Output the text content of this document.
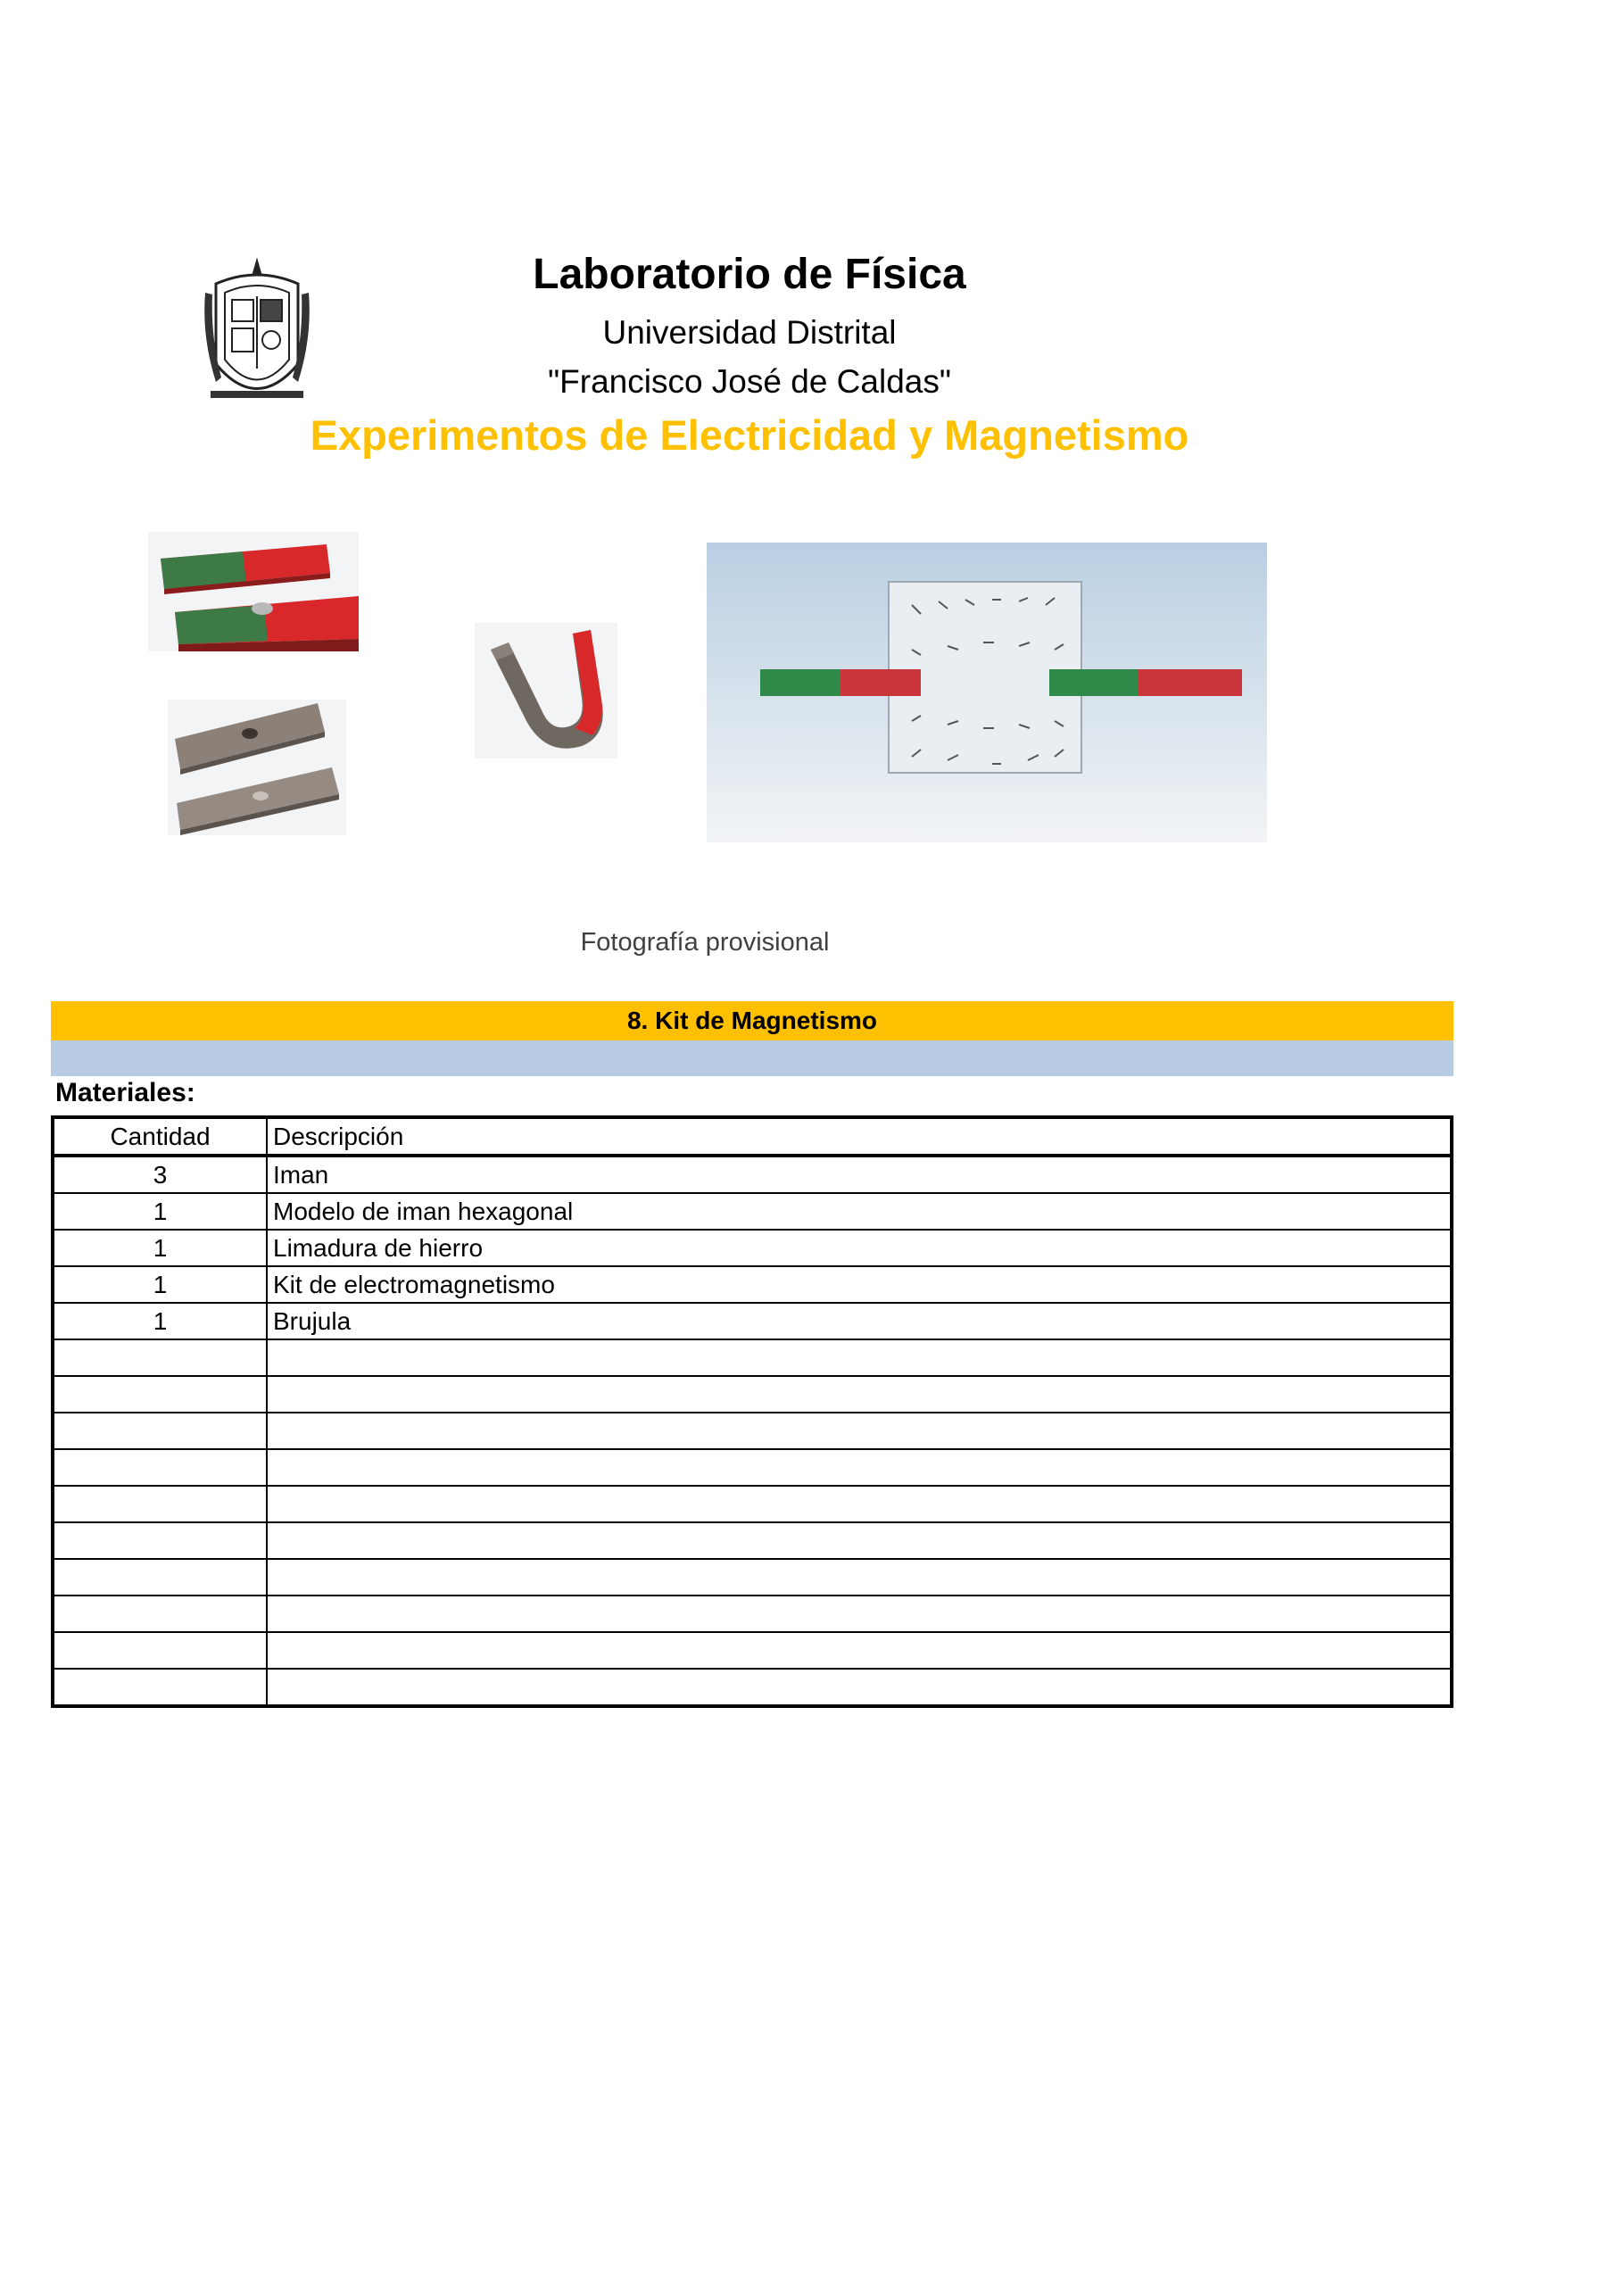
Laboratorio de Física
Universidad Distrital
"Francisco José de Caldas"
Experimentos de Electricidad y Magnetismo
Fotografía provisional
8. Kit de Magnetismo
Materiales:
Cantidad	Descripción
3	Iman
1	Modelo de iman hexagonal
1	Limadura de hierro
1	Kit de electromagnetismo
1	Brujula
